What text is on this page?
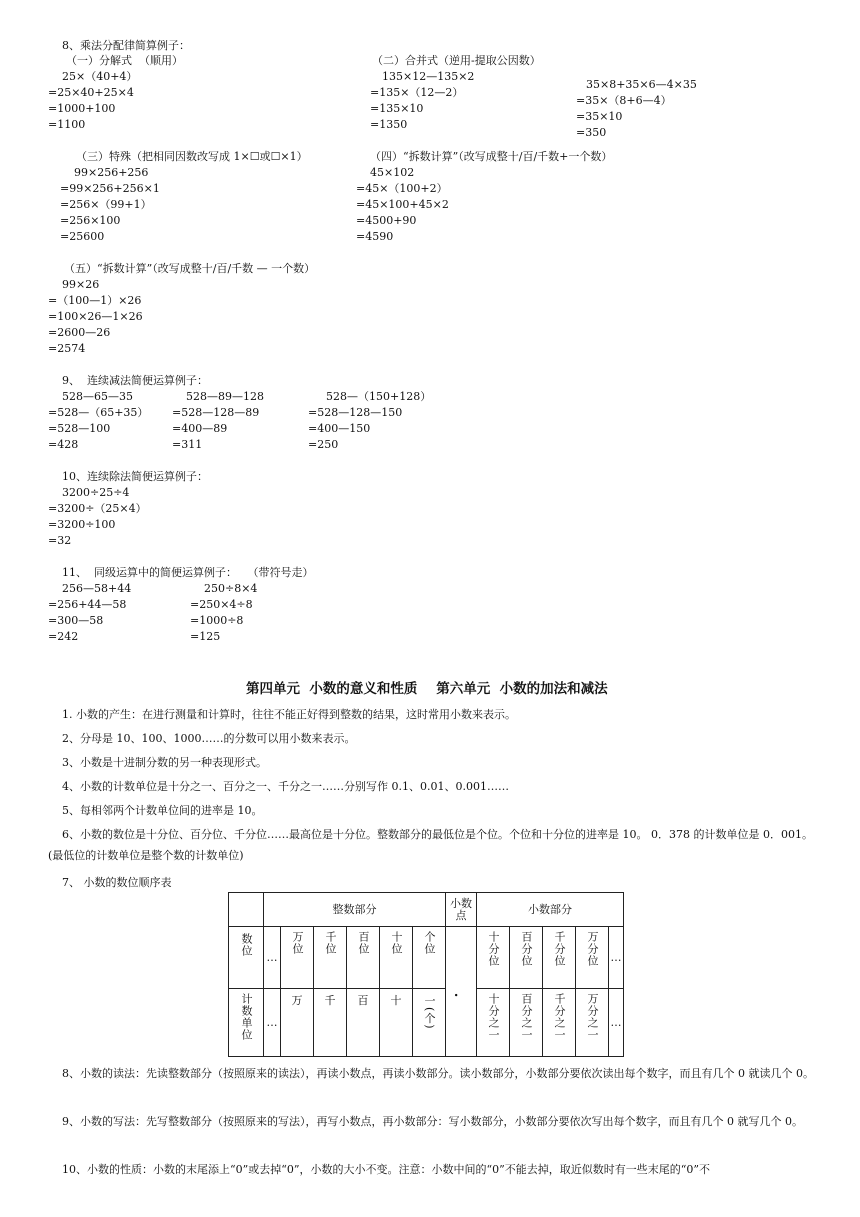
8、乘法分配律简算例子：
（一）分解式  （顺用）
25×（40+4）
=25×40+25×4
=1000+100
=1100
（二）合并式（逆用-提取公因数）
135×12—135×2
=135×（12—2）
=135×10
=1350
35×8+35×6—4×35
=35×（8+6—4）
=35×10
=350
（三）特殊（把相同因数改写成 1×☐或☐×1）
99×256+256
=99×256+256×1
=256×（99+1）
=256×100
=25600
（四）“拆数计算”（改写成整十/百/千数+一个数）
45×102
=45×（100+2）
=45×100+45×2
=4500+90
=4590
（五）“拆数计算”（改写成整十/百/千数 — 一个数）
99×26
=（100—1）×26
=100×26—1×26
=2600—26
=2574
9、  连续减法简便运算例子：
528—65—35
=528—（65+35）
=528—100
=428
528—89—128
=528—128—89
=400—89
=311
528—（150+128）
=528—128—150
=400—150
=250
10、连续除法简便运算例子：
3200÷25÷4
=3200÷（25×4）
=3200÷100
=32
11、  同级运算中的简便运算例子：   （带符号走）
256—58+44
=256+44—58
=300—58
=242
250÷8×4
=250×4÷8
=1000÷8
=125
第四单元  小数的意义和性质    第六单元  小数的加法和减法
1. 小数的产生：在进行测量和计算时，往往不能正好得到整数的结果，这时常用小数来表示。
2、分母是 10、100、1000……的分数可以用小数来表示。
3、小数是十进制分数的另一种表现形式。
4、小数的计数单位是十分之一、百分之一、千分之一……分别写作 0.1、0.01、0.001……
5、每相邻两个计数单位间的进率是 10。
6、小数的数位是十分位、百分位、千分位……最高位是十分位。整数部分的最低位是个位。个位和十分位的进率是 10。 0．378 的计数单位是 0．001。(最低位的计数单位是整个数的计数单位)
7、 小数的数位顺序表
	整数部分						小数点	小数部分				
数位	…	万位	千位	百位	十位	个位	．	十分位	百分位	千分位	万分位	…
计数单位	…	万	千	百	十	一(个)		十分之一	百分之一	千分之一	万分之一	…
8、小数的读法：先读整数部分（按照原来的读法），再读小数点，再读小数部分。读小数部分，小数部分要依次读出每个数字，而且有几个 0 就读几个 0。
9、小数的写法：先写整数部分（按照原来的写法），再写小数点，再小数部分：写小数部分，小数部分要依次写出每个数字，而且有几个 0 就写几个 0。
10、小数的性质：小数的末尾添上“0”或去掉“0”，小数的大小不变。注意：小数中间的“0”不能去掉，取近似数时有一些末尾的“0”不
